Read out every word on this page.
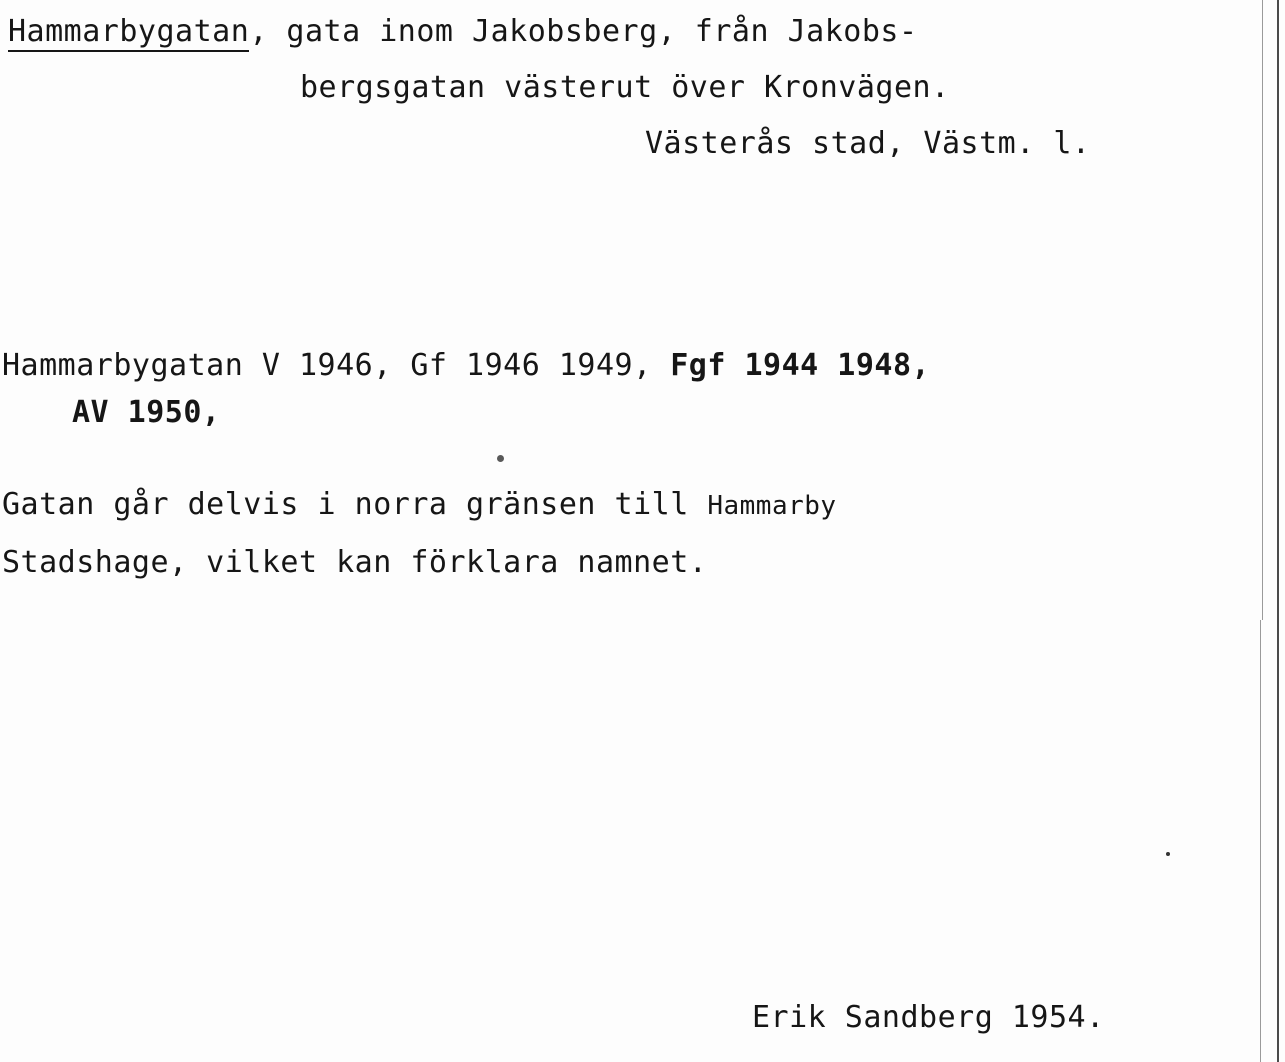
Hammarbygatan, gata inom Jakobsberg, från Jakobs-
bergsgatan västerut över Kronvägen.
Västerås stad, Västm. l.
Hammarbygatan V 1946, Gf 1946 1949, Fgf 1944 1948,
AV 1950,
Gatan går delvis i norra gränsen till Hammarby
Stadshage, vilket kan förklara namnet.
Erik Sandberg 1954.
